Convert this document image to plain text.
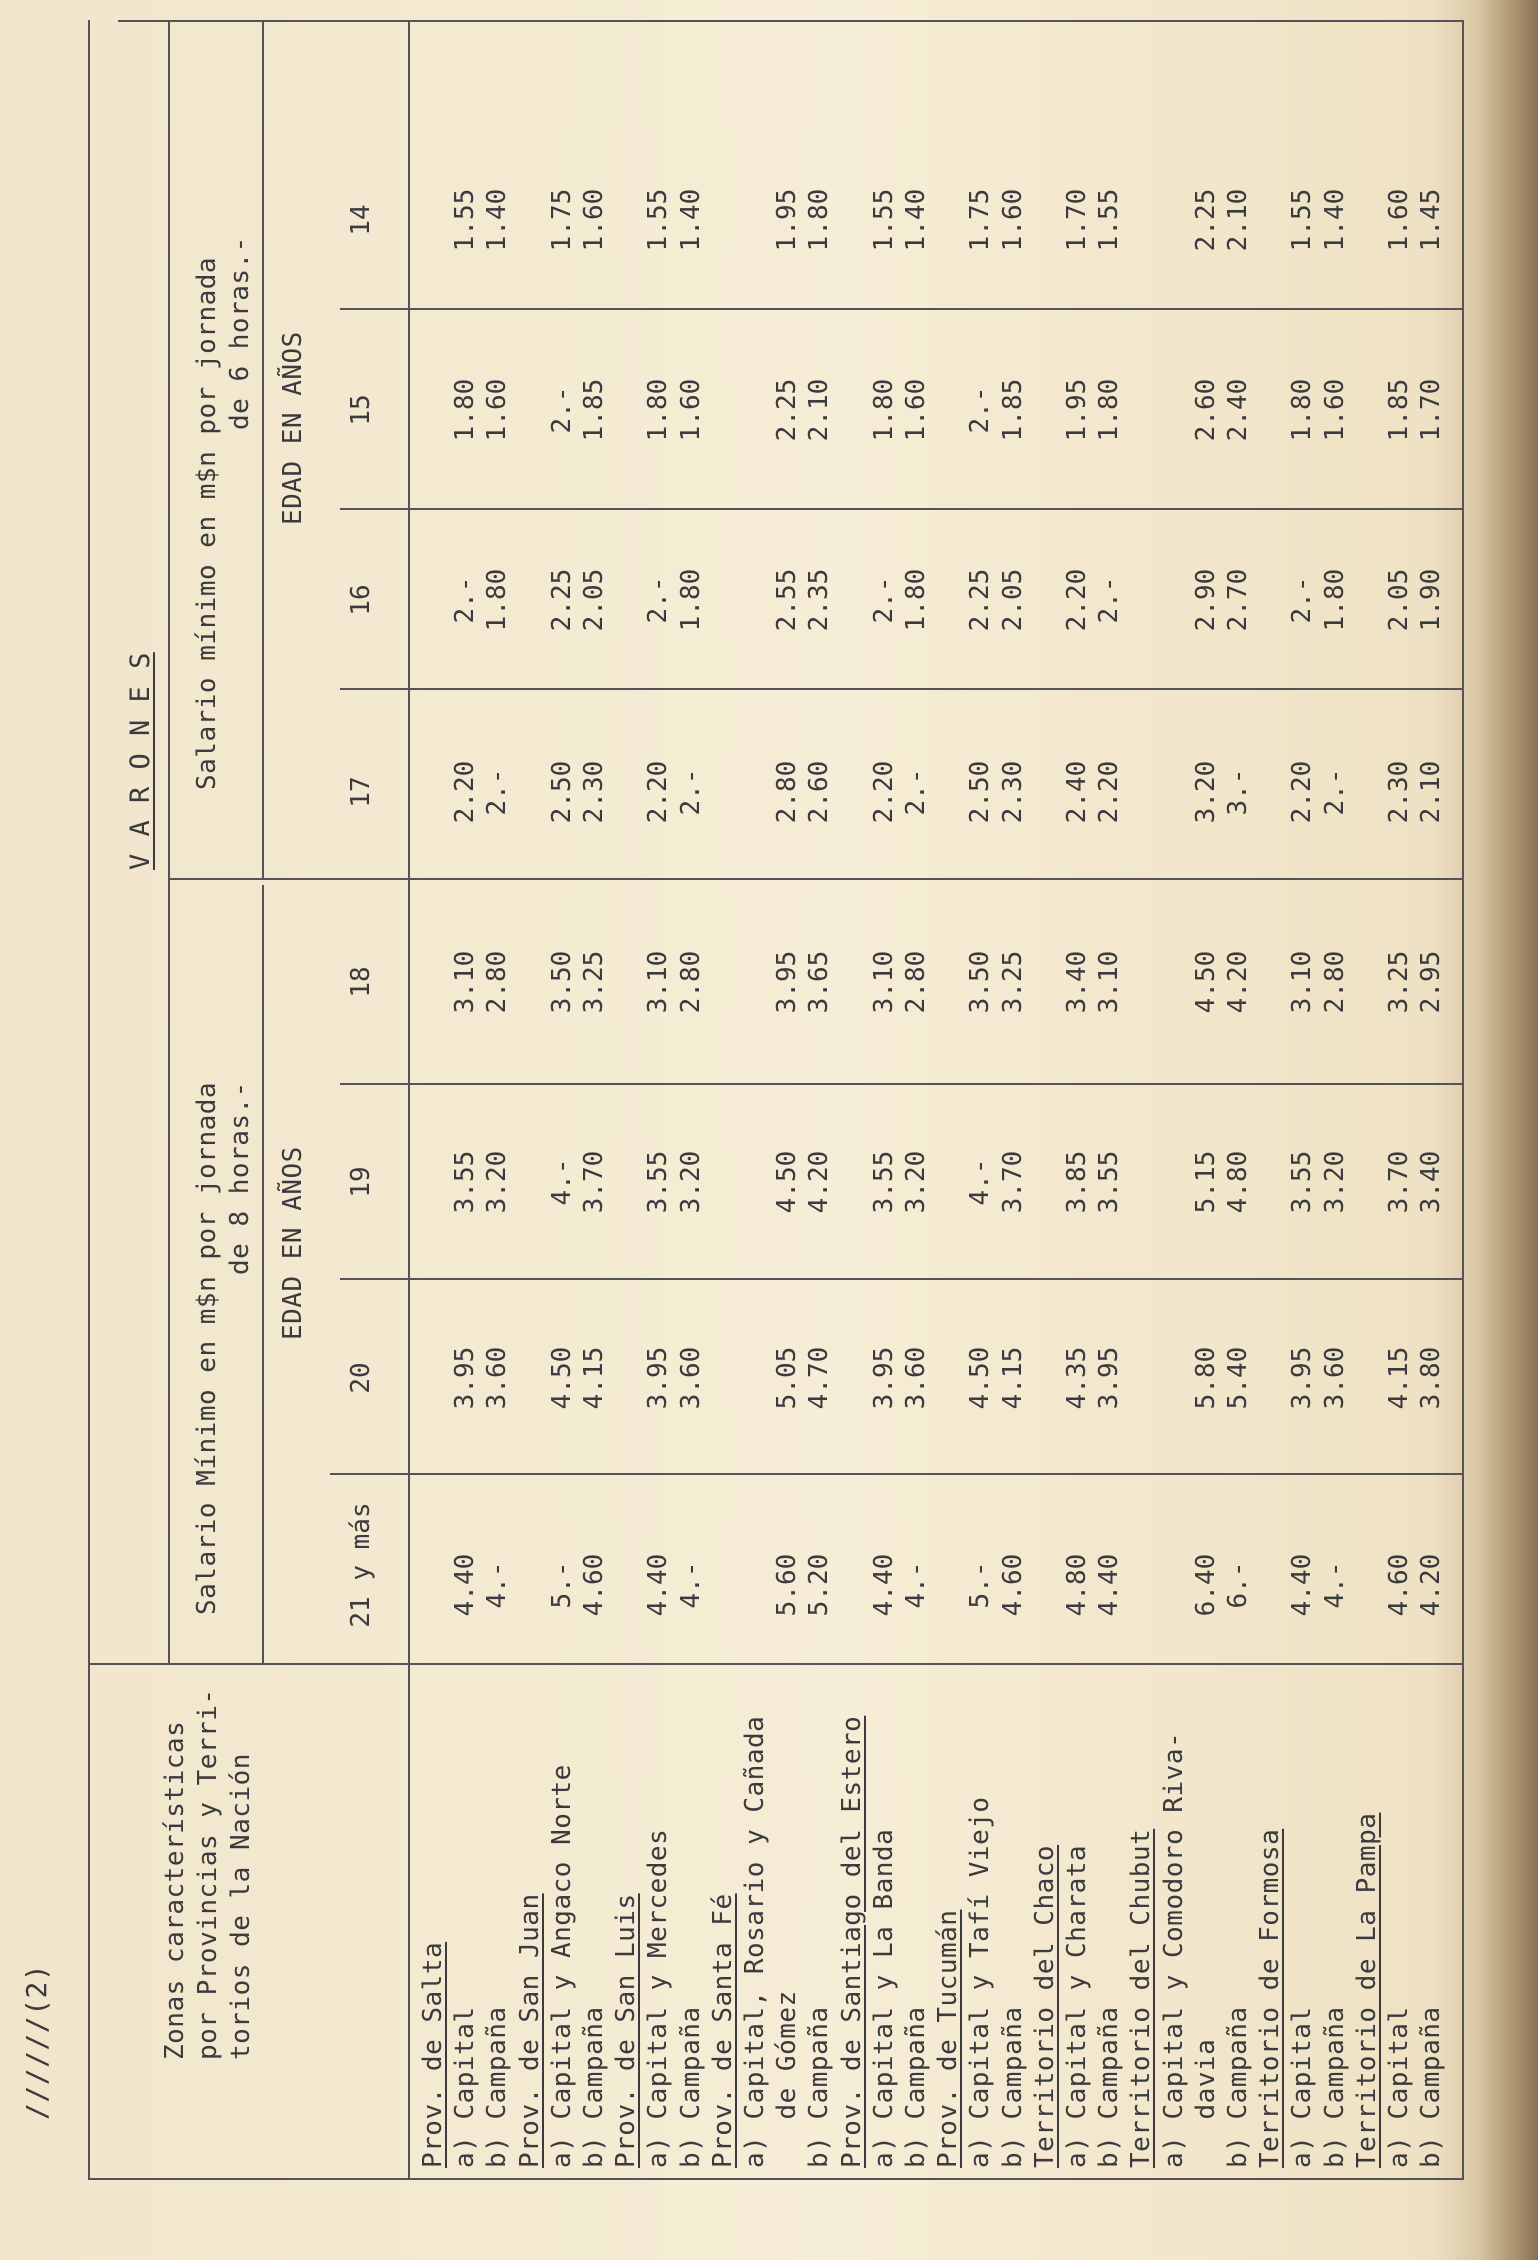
//////(2)	Zonas características por Provincias y Terri- torios de la Nación
V A R O N E S
Salario Mínimo en m$n por jornada de 8 horas.-
Salario mínimo en m$n por jornada de 6 horas.-
EDAD EN AÑOS
EDAD EN AÑOS
21 y más
20
19
18
17
16
15
14
Prov. de Salta a) Capital
4.40
3.95
3.55
3.10
2.20
2.-
1.80
1.55
b) Campaña
4.-
3.60
3.20
2.80
2.-
1.80
1.60
1.40
Prov. de San Juan a) Capital y Angaco Norte
5.-
4.50
4.-
3.50
2.50
2.25
2.-
1.75
b) Campaña
4.60
4.15
3.70
3.25
2.30
2.05
1.85
1.60
Prov. de San Luis a) Capital y Mercedes
4.40
3.95
3.55
3.10
2.20
2.-
1.80
1.55
b) Campaña
4.-
3.60
3.20
2.80
2.-
1.80
1.60
1.40
Prov. de Santa Fé a) Capital, Rosario y Cañada de Gómez
5.60
5.05
4.50
3.95
2.80
2.55
2.25
1.95
b) Campaña
5.20
4.70
4.20
3.65
2.60
2.35
2.10
1.80
Prov. de Santiago del Estero a) Capital y La Banda
4.40
3.95
3.55
3.10
2.20
2.-
1.80
1.55
b) Campaña
4.-
3.60
3.20
2.80
2.-
1.80
1.60
1.40
Prov. de Tucumán a) Capital y Tafí Viejo
5.-
4.50
4.-
3.50
2.50
2.25
2.-
1.75
b) Campaña
4.60
4.15
3.70
3.25
2.30
2.05
1.85
1.60
Territorio del Chaco a) Capital y Charata
4.80
4.35
3.85
3.40
2.40
2.20
1.95
1.70
b) Campaña
4.40
3.95
3.55
3.10
2.20
2.-
1.80
1.55
Territorio del Chubut a) Capital y Comodoro Riva- davia
6.40
5.80
5.15
4.50
3.20
2.90
2.60
2.25
b) Campaña
6.-
5.40
4.80
4.20
3.-
2.70
2.40
2.10
Territorio de Formosa a) Capital
4.40
3.95
3.55
3.10
2.20
2.-
1.80
1.55
b) Campaña
4.-
3.60
3.20
2.80
2.-
1.80
1.60
1.40
Territorio de La Pampa a) Capital
4.60
4.15
3.70
3.25
2.30
2.05
1.85
1.60
b) Campaña
4.20
3.80
3.40
2.95
2.10
1.90
1.70
1.45
